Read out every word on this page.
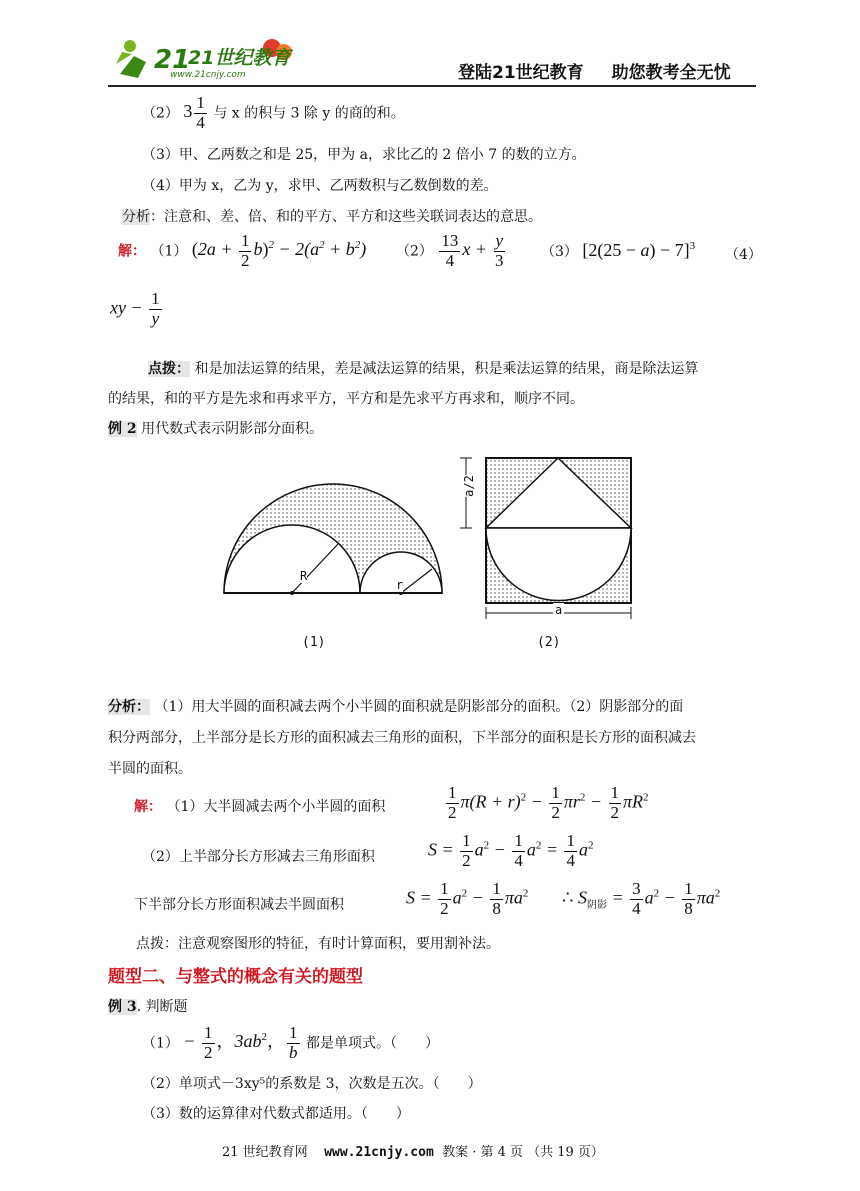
21
21世纪教育
www.21cnjy.com	登陆21世纪教育 助您教考全无忧
（2） $3 \frac{1}{4}$ 与 x 的积与 3 除 y 的商的和。
（3）甲、乙两数之和是 25，甲为 a，求比乙的 2 倍小 7 的数的立方。
（4）甲为 x，乙为 y，求甲、乙两数积与乙数倒数的差。
分析：注意和、差、倍、和的平方、平方和这些关联词表达的意思。
解： （1） $(2a + \frac{1}{2} b)^2 - 2(a^2 + b^2)$ $(2) \frac{13}{4}$ $x + \frac{y}{3}$	（3） $[2(25 - a) - 7]^3$
（4）
xy − $\frac{1}{y}$
点拨： 和是加法运算的结果，差是减法运算的结果，积是乘法运算的结果，商是除法运算
的结果，和的平方是先求和再求平方，平方和是先求平方再求和，顺序不同。
例 2 用代数式表示阴影部分面积。
R
r
a
a/2
(1)	(2)
分析： （1）用大半圆的面积减去两个小半圆的面积就是阴影部分的面积。（2）阴影部分的面
积分两部分，上半部分是长方形的面积减去三角形的面积，下半部分的面积是长方形的面积减去
半圆的面积。
解： （1）大半圆减去两个小半圆的面积	$\frac{1}{2} \pi(R + r)^2 - \frac{1}{2} \pi r^2 - \frac{1}{2} \pi R^2$
（2）上半部分长方形减去三角形面积	$S = \frac{1}{2} a^2 - \frac{1}{4} a^2 = \frac{1}{4} a^2$
下半部分长方形面积减去半圆面积	$S = \frac{1}{2} a^2 - \frac{1}{8} \pi a^2$ ∴ $S_{阴影} = \frac{3}{4} a^2 - \frac{1}{8} \pi a^2$
点拨：注意观察图形的特征，有时计算面积，要用割补法。
题型二、与整式的概念有关的题型
例 3. 判断题
$(1) - \frac{1}{2}$ ，$3ab^2$， $\frac{1}{b}$ 都是单项式。（　　）
（2）单项式－3xy⁵的系数是 3，次数是五次。（　　）
（3）数的运算律对代数式都适用。（　　）
21 世纪教育网 www.21cnjy.com 教案 · 第 4 页 （共 19 页）
